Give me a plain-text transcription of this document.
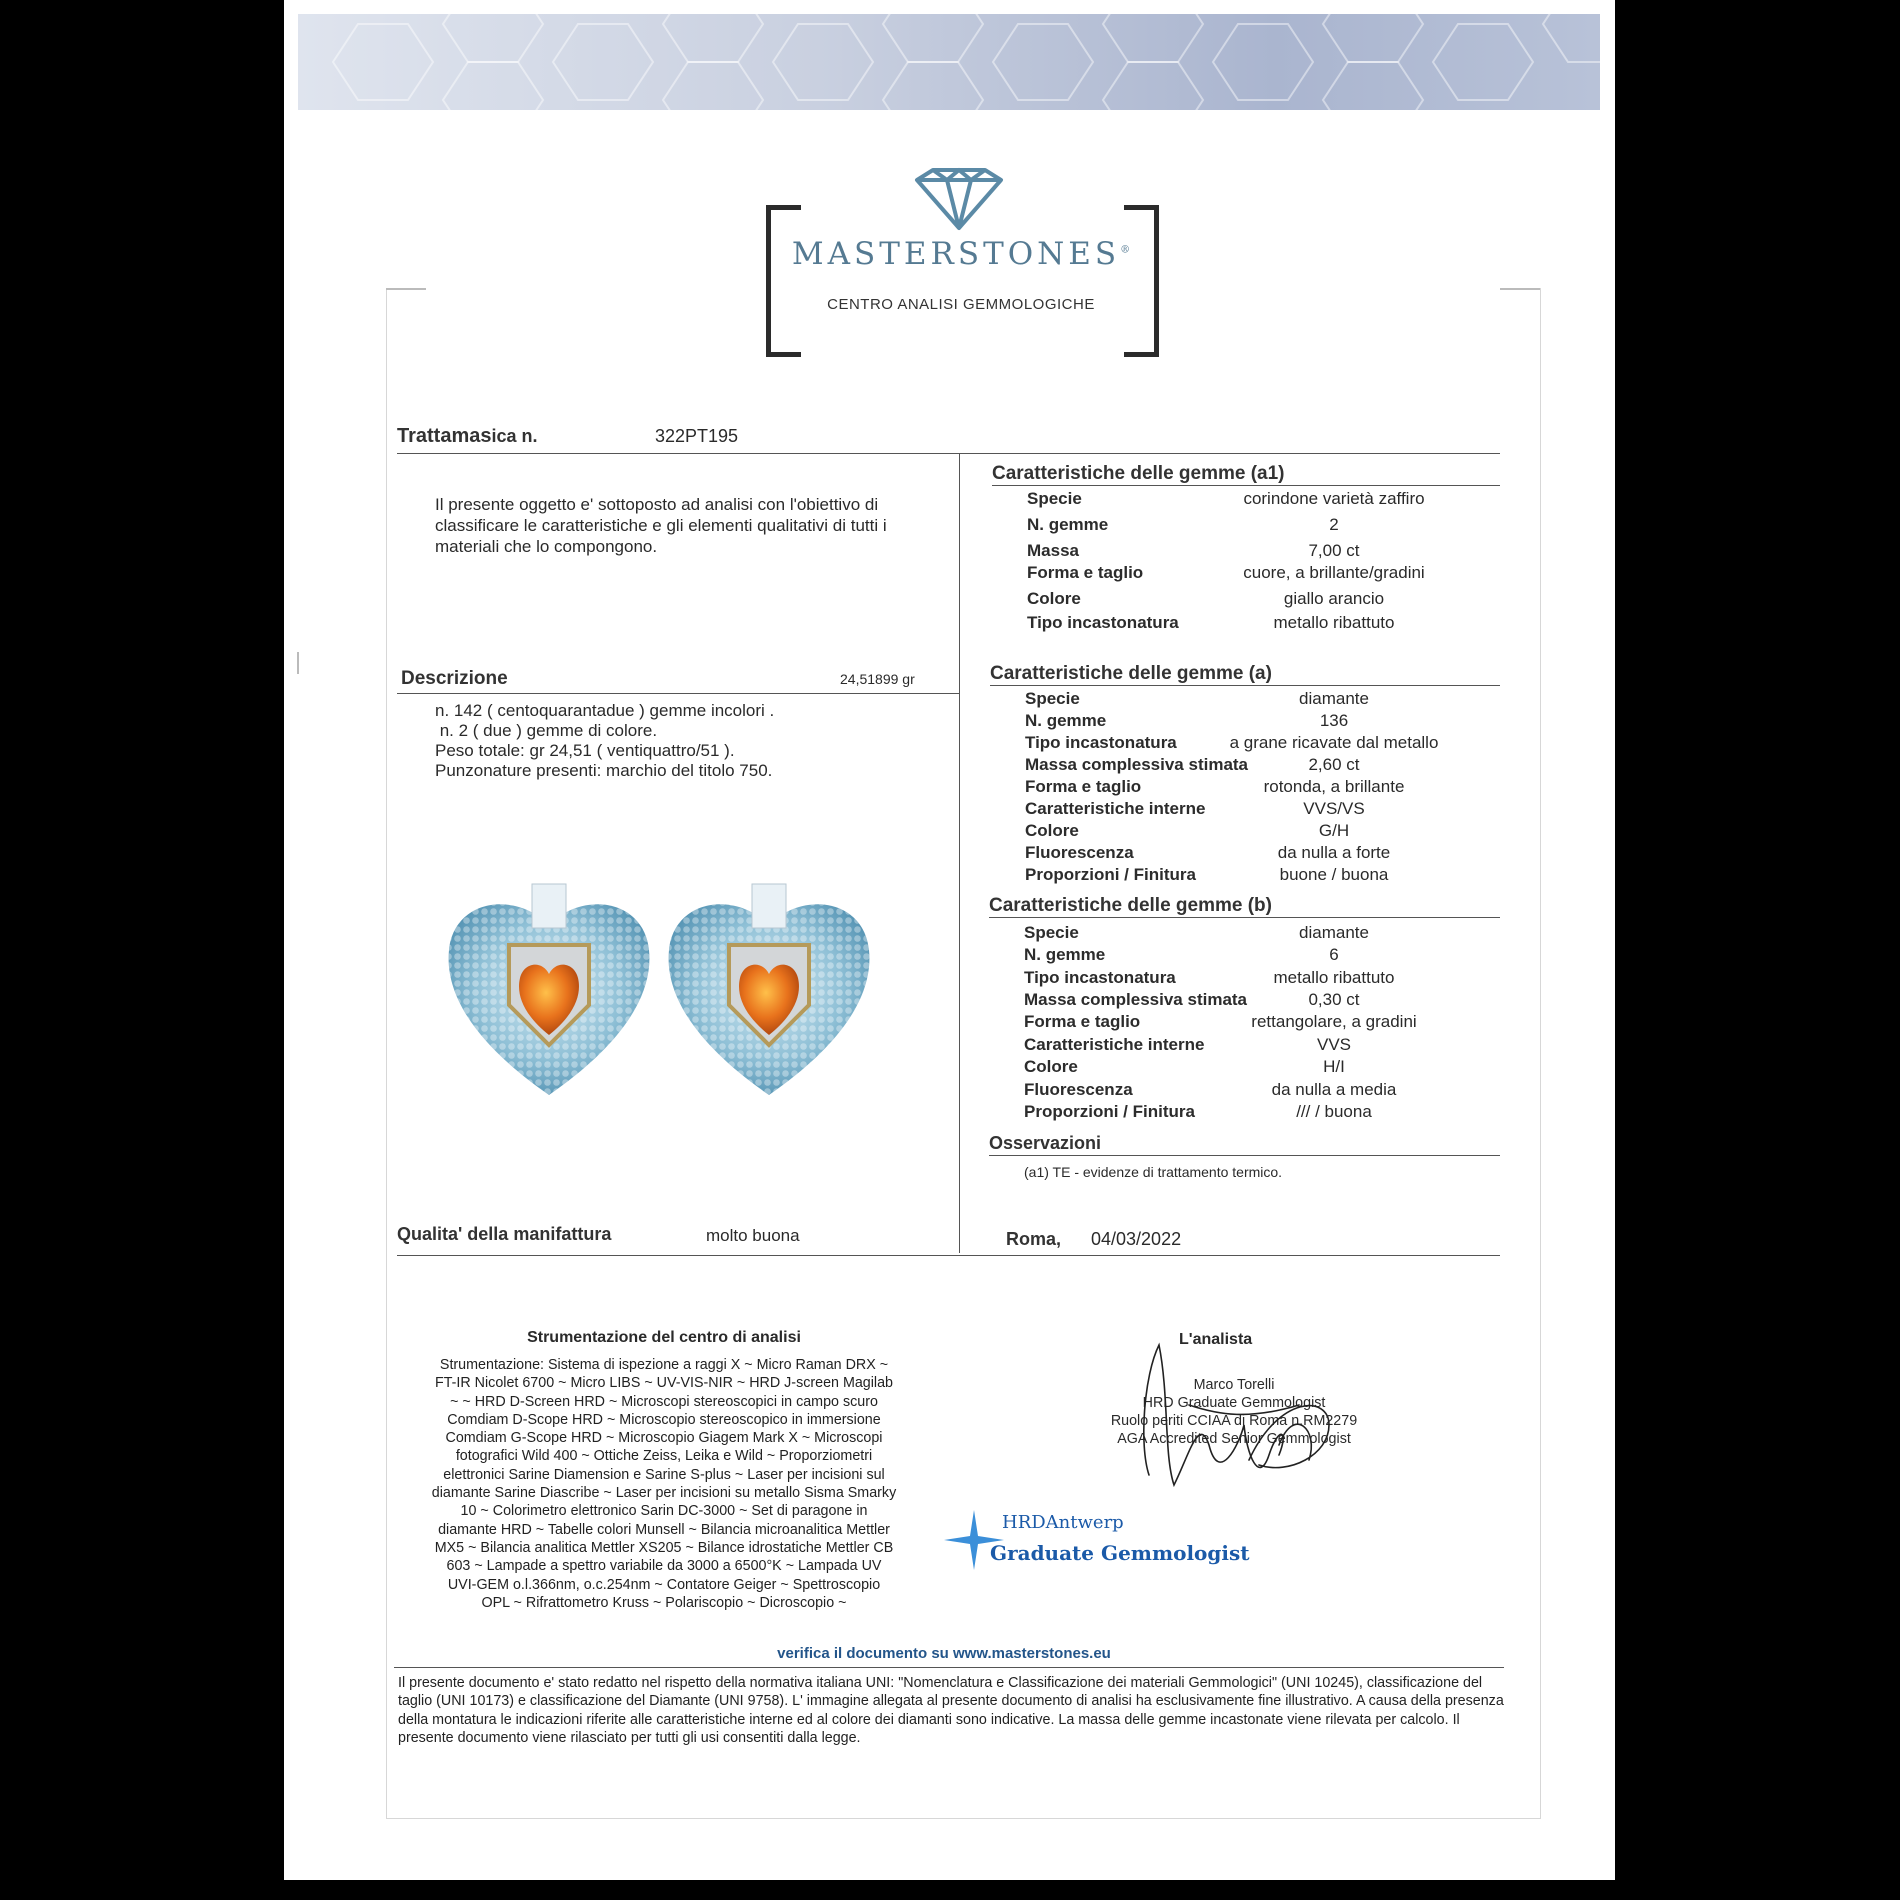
MASTERSTONES®
CENTRO ANALISI GEMMOLOGICHE
Trattamasica n.	322PT195
Il presente oggetto e' sottoposto ad analisi con l'obiettivo di classificare le caratteristiche e gli elementi qualitativi di tutti i materiali che lo compongono.
Descrizione	24,51899 gr
n. 142 ( centoquarantadue ) gemme incolori .
n. 2 ( due ) gemme di colore.
Peso totale: gr 24,51 ( ventiquattro/51 ).
Punzonature presenti: marchio del titolo 750.
Qualita' della manifattura	molto buona
Caratteristiche delle gemme (a1)
Specie	corindone varietà zaffiro
N. gemme	2
Massa	7,00 ct
Forma e taglio	cuore, a brillante/gradini
Colore	giallo arancio
Tipo incastonatura	metallo ribattuto
Caratteristiche delle gemme (a)
Specie	diamante
N. gemme	136
Tipo incastonatura	a grane ricavate dal metallo
Massa complessiva stimata	2,60 ct
Forma e taglio	rotonda, a brillante
Caratteristiche interne	VVS/VS
Colore	G/H
Fluorescenza	da nulla a forte
Proporzioni / Finitura	buone / buona
Caratteristiche delle gemme (b)
Specie	diamante
N. gemme	6
Tipo incastonatura	metallo ribattuto
Massa complessiva stimata	0,30 ct
Forma e taglio	rettangolare, a gradini
Caratteristiche interne	VVS
Colore	H/I
Fluorescenza	da nulla a media
Proporzioni / Finitura	/// / buona
Osservazioni
(a1) TE - evidenze di trattamento termico.
Roma, 04/03/2022
Strumentazione del centro di analisi
Strumentazione: Sistema di ispezione a raggi X ~ Micro Raman DRX ~
FT-IR Nicolet 6700 ~ Micro LIBS ~ UV-VIS-NIR ~ HRD J-screen Magilab
~ ~ HRD D-Screen HRD ~ Microscopi stereoscopici in campo scuro
Comdiam D-Scope HRD ~ Microscopio stereoscopico in immersione
Comdiam G-Scope HRD ~ Microscopio Giagem Mark X ~ Microscopi
fotografici Wild 400 ~ Ottiche Zeiss, Leika e Wild ~ Proporziometri
elettronici Sarine Diamension e Sarine S-plus ~ Laser per incisioni sul
diamante Sarine Diascribe ~ Laser per incisioni su metallo Sisma Smarky
10 ~ Colorimetro elettronico Sarin DC-3000 ~ Set di paragone in
diamante HRD ~ Tabelle colori Munsell ~ Bilancia microanalitica Mettler
MX5 ~ Bilancia analitica Mettler XS205 ~ Bilance idrostatiche Mettler CB
603 ~ Lampade a spettro variabile da 3000 a 6500°K ~ Lampada UV
UVI-GEM o.l.366nm, o.c.254nm ~ Contatore Geiger ~ Spettroscopio
OPL ~ Rifrattometro Kruss ~ Polariscopio ~ Dicroscopio ~
L'analista
Marco Torelli
HRD Graduate Gemmologist
Ruolo periti CCIAA di Roma n.RM2279
AGA Accredited Senior Gemmologist
HRDAntwerp
Graduate Gemmologist
verifica il documento su www.masterstones.eu
Il presente documento e' stato redatto nel rispetto della normativa italiana UNI: "Nomenclatura e Classificazione dei materiali Gemmologici" (UNI 10245), classificazione del taglio (UNI 10173) e classificazione del Diamante (UNI 9758). L' immagine allegata al presente documento di analisi ha esclusivamente fine illustrativo. A causa della presenza della montatura le indicazioni riferite alle caratteristiche interne ed al colore dei diamanti sono indicative. La massa delle gemme incastonate viene rilevata per calcolo. Il presente documento viene rilasciato per tutti gli usi consentiti dalla legge.
